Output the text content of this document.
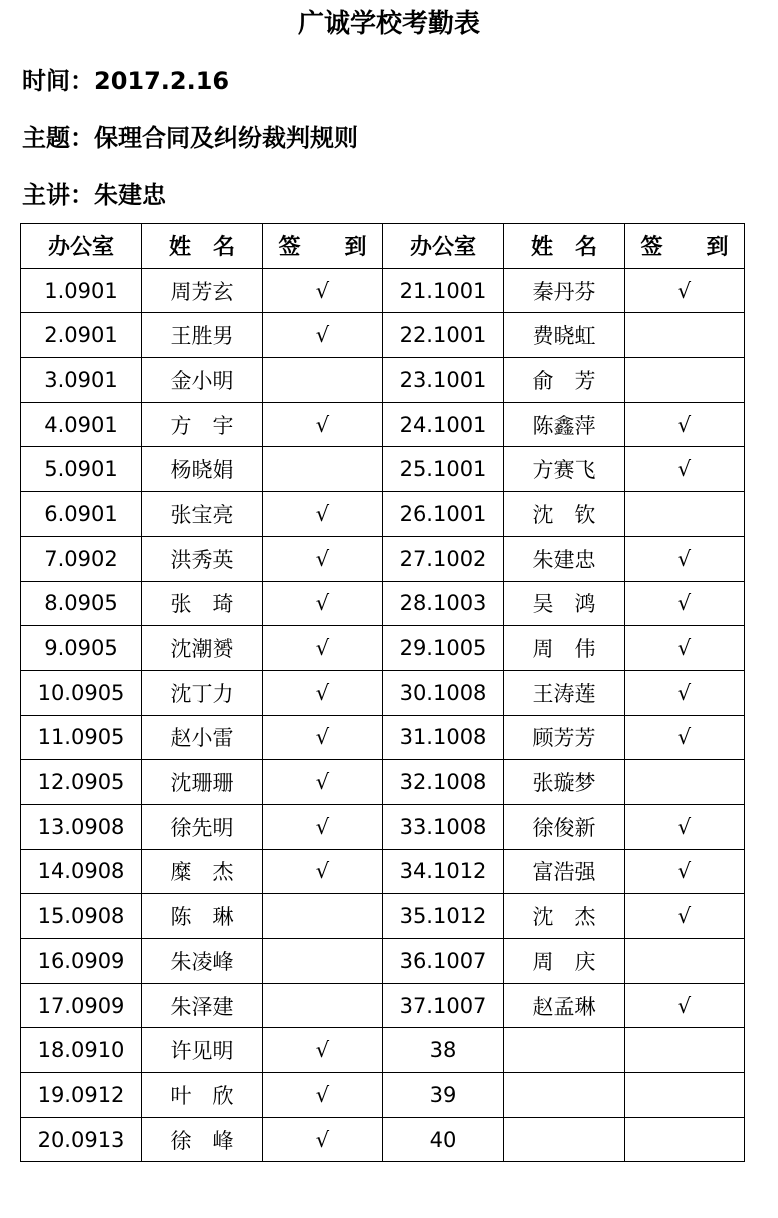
广诚学校考勤表
时间：2017.2.16
主题：保理合同及纠纷裁判规则
主讲：朱建忠
办公室	姓　名	签　　到	办公室	姓　名	签　　到
1.0901	周芳玄	√	21.1001	秦丹芬	√
2.0901	王胜男	√	22.1001	费晓虹	
3.0901	金小明		23.1001	俞　芳	
4.0901	方　宇	√	24.1001	陈鑫萍	√
5.0901	杨晓娟		25.1001	方赛飞	√
6.0901	张宝亮	√	26.1001	沈　钦	
7.0902	洪秀英	√	27.1002	朱建忠	√
8.0905	张　琦	√	28.1003	吴　鸿	√
9.0905	沈潮赟	√	29.1005	周　伟	√
10.0905	沈丁力	√	30.1008	王涛莲	√
11.0905	赵小雷	√	31.1008	顾芳芳	√
12.0905	沈珊珊	√	32.1008	张璇梦	
13.0908	徐先明	√	33.1008	徐俊新	√
14.0908	糜　杰	√	34.1012	富浩强	√
15.0908	陈　琳		35.1012	沈　杰	√
16.0909	朱凌峰		36.1007	周　庆	
17.0909	朱泽建		37.1007	赵孟琳	√
18.0910	许见明	√	38		
19.0912	叶　欣	√	39		
20.0913	徐　峰	√	40		
